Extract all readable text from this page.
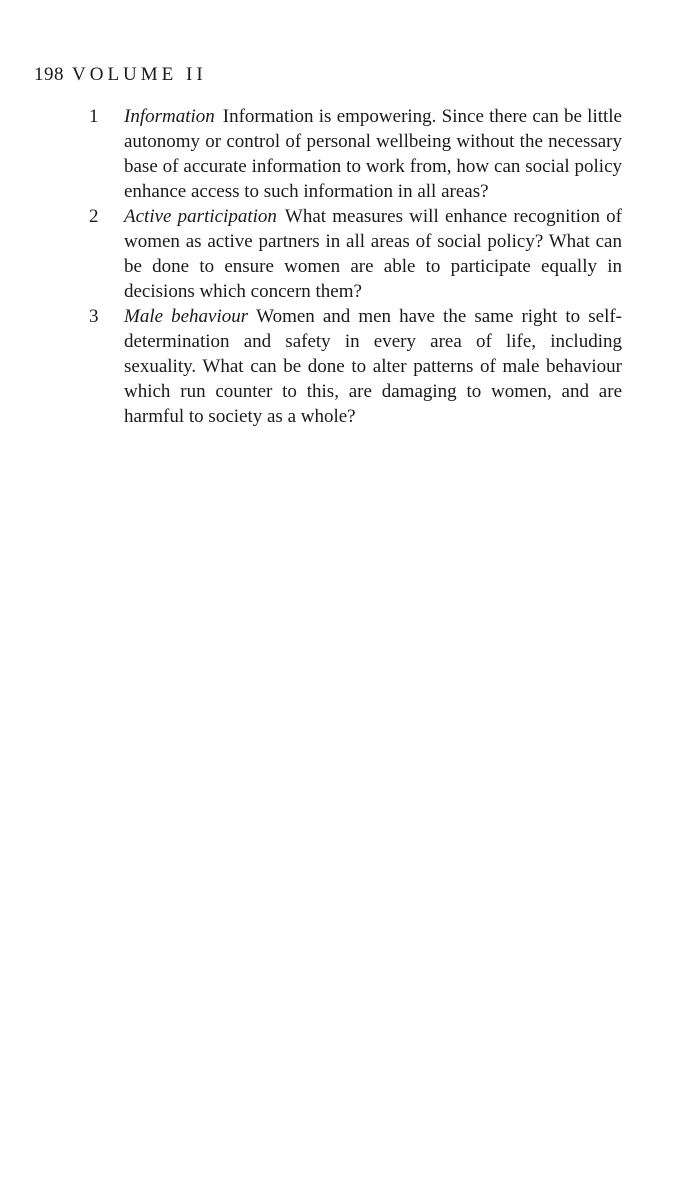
198 VOLUME II
1 Information Information is empowering. Since there can be little autonomy or control of personal wellbeing without the necessary base of accurate information to work from, how can social policy enhance access to such information in all areas?

2 Active participation What measures will enhance recognition of women as active partners in all areas of social policy? What can be done to ensure women are able to participate equally in decisions which concern them?

3 Male behaviour Women and men have the same right to self-determination and safety in every area of life, including sexuality. What can be done to alter patterns of male behaviour which run counter to this, are damaging to women, and are harmful to society as a whole?
